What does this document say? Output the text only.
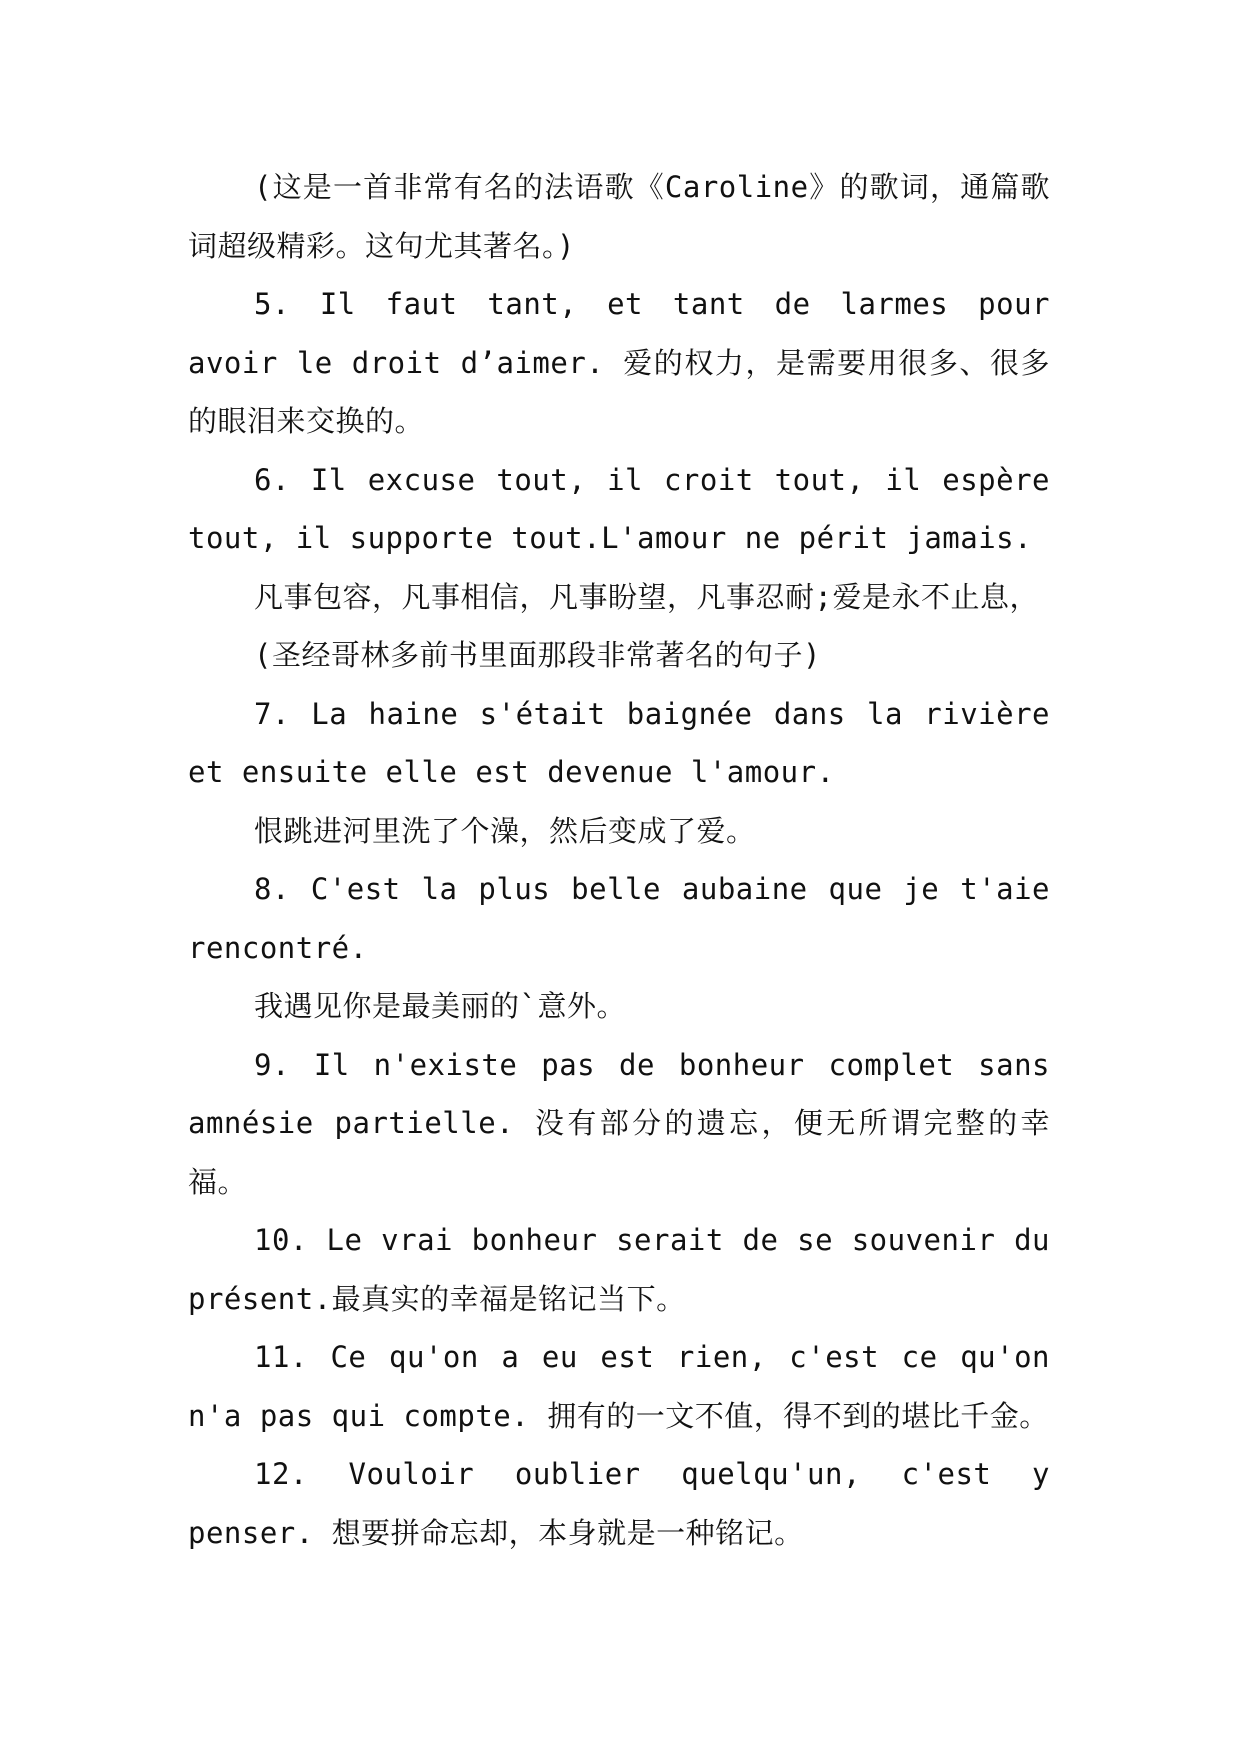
(这是一首非常有名的法语歌《Caroline》的歌词，通篇歌词超级精彩。这句尤其著名。)

5. Il faut tant, et tant de larmes pour avoir le droit d’aimer. 爱的权力，是需要用很多、很多的眼泪来交换的。

6. Il excuse tout, il croit tout, il espère tout, il supporte tout.L'amour ne périt jamais.

凡事包容，凡事相信，凡事盼望，凡事忍耐;爱是永不止息，

(圣经哥林多前书里面那段非常著名的句子)

7. La haine s'était baignée dans la rivière et ensuite elle est devenue l'amour.

恨跳进河里洗了个澡，然后变成了爱。

8. C'est la plus belle aubaine que je t'aie rencontré.

我遇见你是最美丽的`意外。

9. Il n'existe pas de bonheur complet sans amnésie partielle. 没有部分的遗忘，便无所谓完整的幸福。

10. Le vrai bonheur serait de se souvenir du présent.最真实的幸福是铭记当下。

11. Ce qu'on a eu est rien, c'est ce qu'on n'a pas qui compte. 拥有的一文不值，得不到的堪比千金。

12. Vouloir oublier quelqu'un, c'est y penser. 想要拼命忘却，本身就是一种铭记。
